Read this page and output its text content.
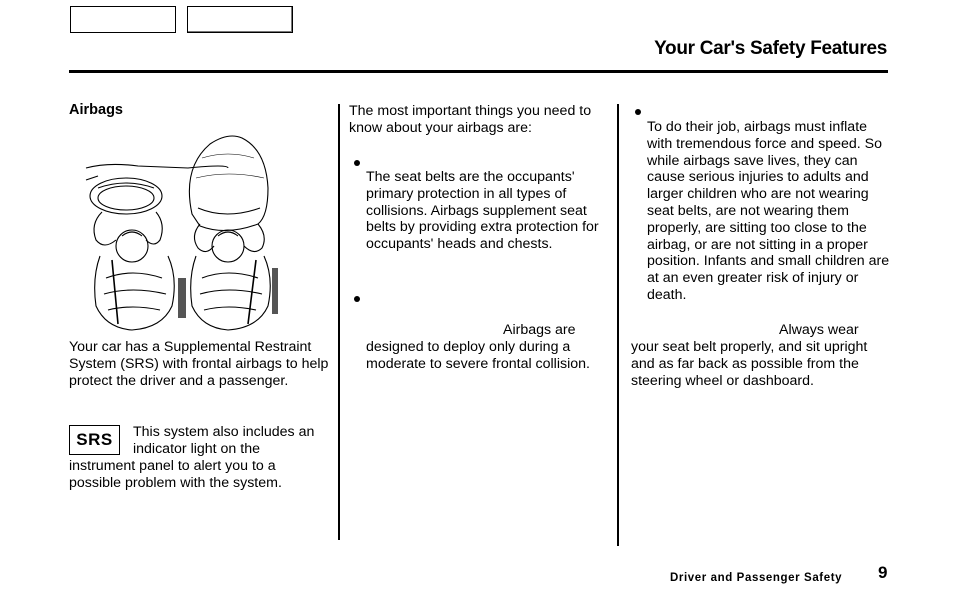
Your Car's Safety Features
Airbags
Your car has a Supplemental Restraint System (SRS) with frontal airbags to help protect the driver and a passenger.
SRS	This system also includes an indicator light on the
instrument panel to alert you to a possible problem with the system.
The most important things you need to know about your airbags are:
The seat belts are the occupants' primary protection in all types of collisions. Airbags supplement seat belts by providing extra protection for occupants' heads and chests.
Airbags are
designed to deploy only during a moderate to severe frontal collision.
To do their job, airbags must inflate with tremendous force and speed. So while airbags save lives, they can cause serious injuries to adults and larger children who are not wearing seat belts, are not wearing them properly, are sitting too close to the airbag, or are not sitting in a proper position. Infants and small children are at an even greater risk of injury or death.
Always wear
your seat belt properly, and sit upright and as far back as possible from the steering wheel or dashboard.
Driver and Passenger Safety 9
